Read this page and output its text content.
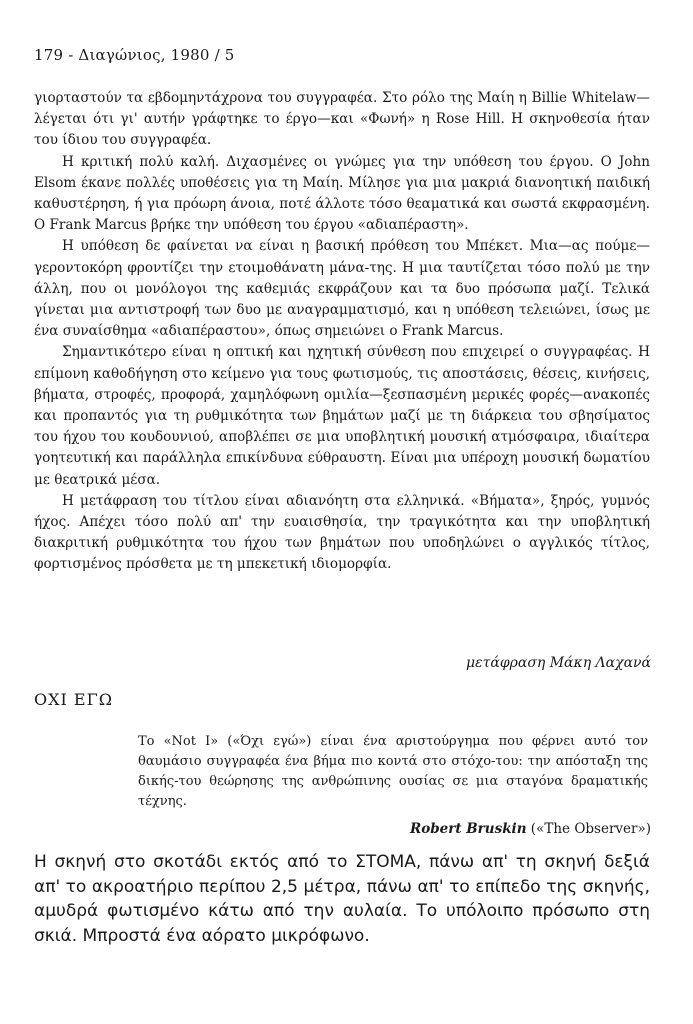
179 - Διαγώνιος, 1980 / 5

γιορταστούν τα εβδομηντάχρονα του συγγραφέα. Στο ρόλο της Μαίη η Billie Whitelaw—λέγεται ότι γι' αυτήν γράφτηκε το έργο—και «Φωνή» η Rose Hill. Η σκηνοθεσία ήταν του ίδιου του συγγραφέα.

Η κριτική πολύ καλή. Διχασμένες οι γνώμες για την υπόθεση του έργου. Ο John Elsom έκανε πολλές υποθέσεις για τη Μαίη. Μίλησε για μια μακριά διανοητική παιδική καθυστέρηση, ή για πρόωρη άνοια, ποτέ άλλοτε τόσο θεαματικά και σωστά εκφρασμένη. Ο Frank Marcus βρήκε την υπόθεση του έργου «αδιαπέραστη».

Η υπόθεση δε φαίνεται να είναι η βασική πρόθεση του Μπέκετ. Μια—ας πούμε—γεροντοκόρη φροντίζει την ετοιμοθάνατη μάνα-της. Η μια ταυτίζεται τόσο πολύ με την άλλη, που οι μονόλογοι της καθεμιάς εκφράζουν και τα δυο πρόσωπα μαζί. Τελικά γίνεται μια αντιστροφή των δυο με αναγραμματισμό, και η υπόθεση τελειώνει, ίσως με ένα συναίσθημα «αδιαπέραστου», όπως σημειώνει ο Frank Marcus.

Σημαντικότερο είναι η οπτική και ηχητική σύνθεση που επιχειρεί ο συγγραφέας. Η επίμονη καθοδήγηση στο κείμενο για τους φωτισμούς, τις αποστάσεις, θέσεις, κινήσεις, βήματα, στροφές, προφορά, χαμηλόφωνη ομιλία—ξεσπασμένη μερικές φορές—ανακοπές και προπαντός για τη ρυθμικότητα των βημάτων μαζί με τη διάρκεια του σβησίματος του ήχου του κουδουνιού, αποβλέπει σε μια υποβλητική μουσική ατμόσφαιρα, ιδιαίτερα γοητευτική και παράλληλα επικίνδυνα εύθραυστη. Είναι μια υπέροχη μουσική δωματίου με θεατρικά μέσα.

Η μετάφραση του τίτλου είναι αδιανόητη στα ελληνικά. «Βήματα», ξηρός, γυμνός ήχος. Απέχει τόσο πολύ απ' την ευαισθησία, την τραγικότητα και την υποβλητική διακριτική ρυθμικότητα του ήχου των βημάτων που υποδηλώνει ο αγγλικός τίτλος, φορτισμένος πρόσθετα με τη μπεκετική ιδιομορφία.

μετάφραση Μάκη Λαχανά
ΟΧΙ ΕΓΩ

Το «Not I» («Όχι εγώ») είναι ένα αριστούργημα που φέρνει αυτό τον θαυμάσιο συγγραφέα ένα βήμα πιο κοντά στο στόχο-του: την απόσταξη της δικής-του θεώρησης της ανθρώπινης ουσίας σε μια σταγόνα δραματικής τέχνης.

Robert Bruskin («The Observer»)

Η σκηνή στο σκοτάδι εκτός από το ΣΤΟΜΑ, πάνω απ' τη σκηνή δεξιά απ' το ακροατήριο περίπου 2,5 μέτρα, πάνω απ' το επίπεδο της σκηνής, αμυδρά φωτισμένο κάτω από την αυλαία. Το υπόλοιπο πρόσωπο στη σκιά. Μπροστά ένα αόρατο μικρόφωνο.
